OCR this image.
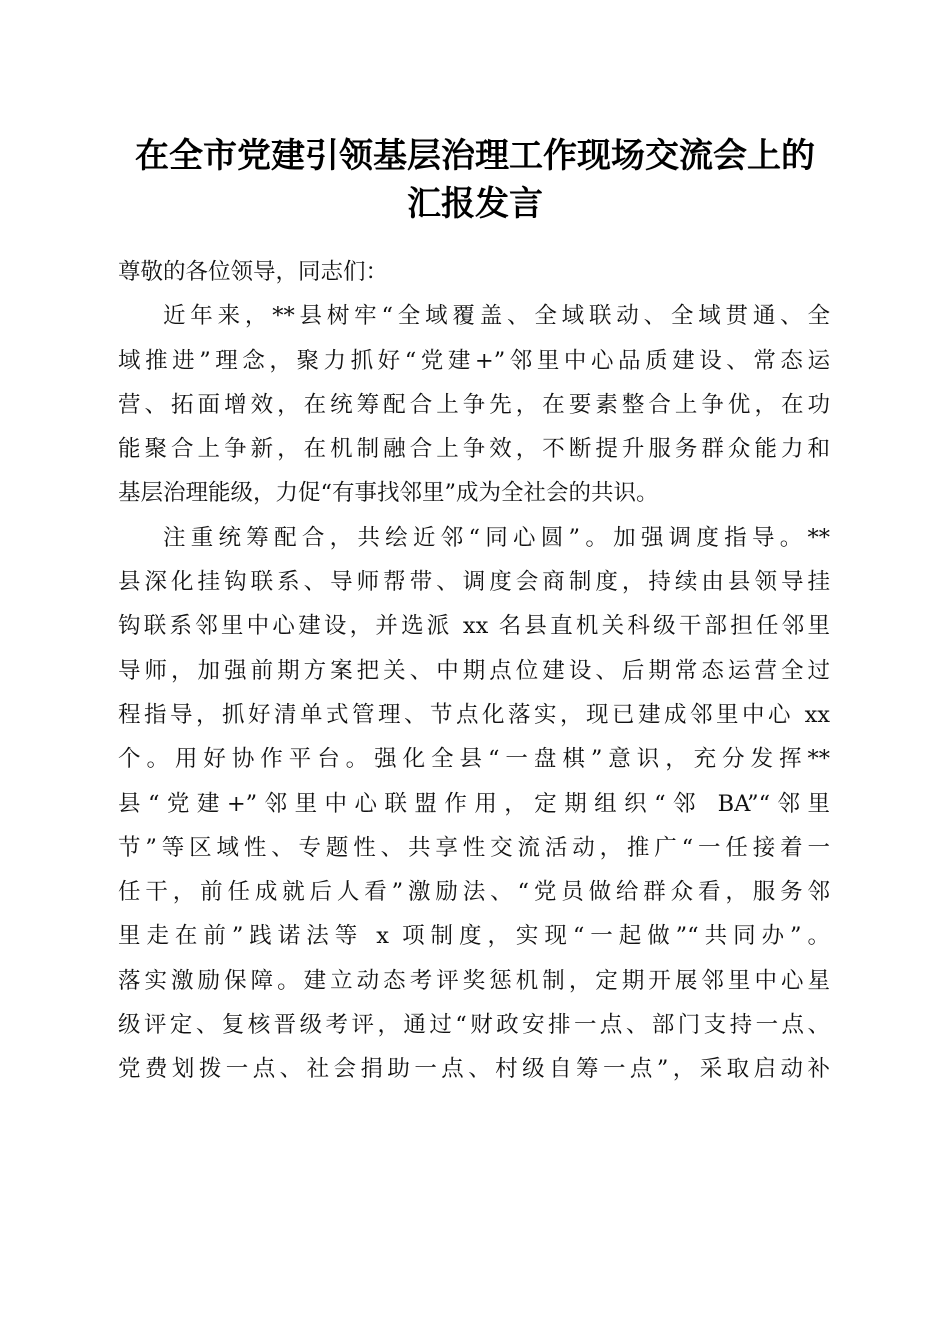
在全市党建引领基层治理工作现场交流会上的
汇报发言
尊敬的各位领导，同志们：
近年来，**县树牢“全域覆盖、全域联动、全域贯通、全
域推进”理念，聚力抓好“党建+”邻里中心品质建设、常态运
营、拓面增效，在统筹配合上争先，在要素整合上争优，在功
能聚合上争新，在机制融合上争效，不断提升服务群众能力和
基层治理能级，力促“有事找邻里”成为全社会的共识。
注重统筹配合，共绘近邻“同心圆”。加强调度指导。**
县深化挂钩联系、导师帮带、调度会商制度，持续由县领导挂
钩联系邻里中心建设，并选派 xx 名县直机关科级干部担任邻里
导师，加强前期方案把关、中期点位建设、后期常态运营全过
程指导，抓好清单式管理、节点化落实，现已建成邻里中心 xx
个。用好协作平台。强化全县“一盘棋”意识，充分发挥**
县“党建+”邻里中心联盟作用，定期组织“邻 BA”“邻里
节”等区域性、专题性、共享性交流活动，推广“一任接着一
任干，前任成就后人看”激励法、“党员做给群众看，服务邻
里走在前”践诺法等 x 项制度，实现“一起做”“共同办”。
落实激励保障。建立动态考评奖惩机制，定期开展邻里中心星
级评定、复核晋级考评，通过“财政安排一点、部门支持一点、
党费划拨一点、社会捐助一点、村级自筹一点”，采取启动补
